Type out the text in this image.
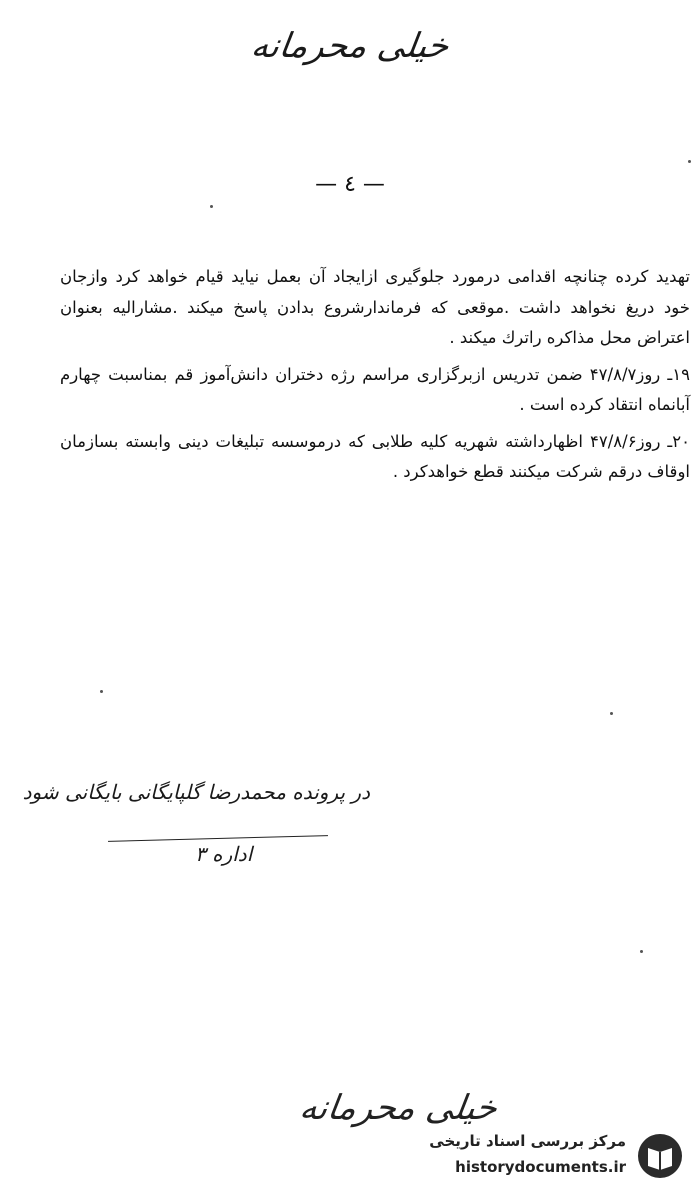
خیلی محرمانه
— ٤ —

تهدید کرده چنانچه اقدامی درمورد جلوگیری ازایجاد آن بعمل نیاید قیام خواهد کرد وازجان خود دریغ نخواهد داشت .موقعی که فرماندارشروع بدادن پاسخ میکند .مشارالیه بعنوان اعتراض محل مذاکره راترك میکند .

۱۹ـ روز۴۷/۸/۷ ضمن تدریس ازبرگزاری مراسم رژه دختران دانش‌آموز قم بمناسبت چهارم آبانماه انتقاد کرده است .

۲۰ـ روز۴۷/۸/۶ اظهارداشته شهریه کلیه طلابی که درموسسه تبلیغات دینی وابسته بسازمان اوقاف درقم شرکت میکنند قطع خواهدکرد .

در پرونده محمدرضا گلپایگانی بایگانی شود
اداره ۳
خیلی محرمانه
مرکز بررسی اسناد تاریخی
historydocuments.ir
